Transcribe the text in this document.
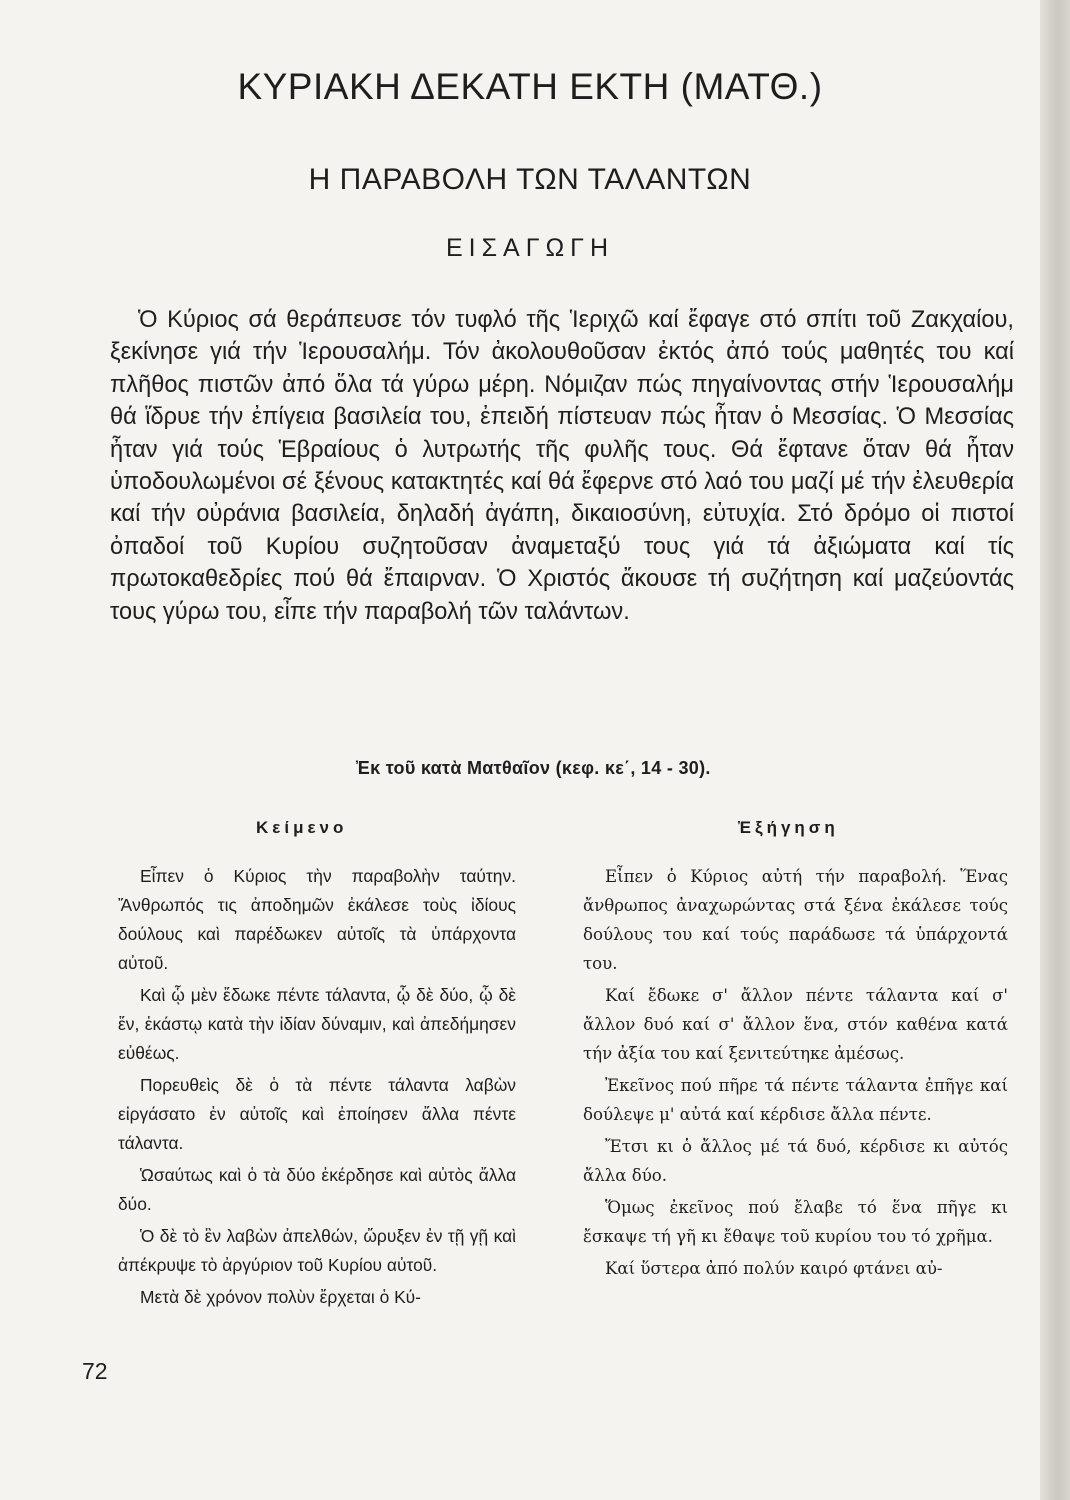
ΚΥΡΙΑΚΗ ΔΕΚΑΤΗ ΕΚΤΗ (ΜΑΤΘ.)
Η ΠΑΡΑΒΟΛΗ ΤΩΝ ΤΑΛΑΝΤΩΝ
ΕΙΣΑΓΩΓΗ

Ὁ Κύριος σά θεράπευσε τόν τυφλό τῆς Ἱεριχῶ καί ἔφαγε στό σπίτι τοῦ Ζακχαίου, ξεκίνησε γιά τήν Ἱερουσαλήμ. Τόν ἀκολουθοῦσαν ἐκτός ἀπό τούς μαθητές του καί πλῆθος πιστῶν ἀπό ὅλα τά γύρω μέρη. Νόμιζαν πώς πηγαίνοντας στήν Ἱερουσαλήμ θά ἵδρυε τήν ἐπίγεια βασιλεία του, ἐπειδή πίστευαν πώς ἦταν ὁ Μεσσίας. Ὁ Μεσσίας ἦταν γιά τούς Ἑβραίους ὁ λυτρωτής τῆς φυλῆς τους. Θά ἔφτανε ὅταν θά ἦταν ὑποδουλωμένοι σέ ξένους κατακτητές καί θά ἔφερνε στό λαό του μαζί μέ τήν ἐλευθερία καί τήν οὐράνια βασιλεία, δηλαδή ἀγάπη, δικαιοσύνη, εὐτυχία. Στό δρόμο οἱ πιστοί ὀπαδοί τοῦ Κυρίου συζητοῦσαν ἀναμεταξύ τους γιά τά ἀξιώματα καί τίς πρωτοκαθεδρίες πού θά ἔπαιρναν. Ὁ Χριστός ἄκουσε τή συζήτηση καί μαζεύοντάς τους γύρω του, εἶπε τήν παραβολή τῶν ταλάντων.

Ἐκ τοῦ κατὰ Ματθαῖον (κεφ. κε΄, 14 - 30).
Κείμενο	Ἐξήγηση

Εἶπεν ὁ Κύριος τὴν παραβολὴν ταύτην. Ἄνθρωπός τις ἀποδημῶν ἐκάλεσε τοὺς ἰδίους δούλους καὶ παρέδωκεν αὐτοῖς τὰ ὑπάρχοντα αὐτοῦ.

Καὶ ᾧ μὲν ἔδωκε πέντε τάλαντα, ᾧ δὲ δύο, ᾧ δὲ ἕν, ἑκάστῳ κατὰ τὴν ἰδίαν δύναμιν, καὶ ἀπεδήμησεν εὐθέως.

Πορευθεὶς δὲ ὁ τὰ πέντε τάλαντα λαβὼν εἰργάσατο ἐν αὐτοῖς καὶ ἐποίησεν ἄλλα πέντε τάλαντα.

Ὡσαύτως καὶ ὁ τὰ δύο ἐκέρδησε καὶ αὐτὸς ἄλλα δύο.

Ὁ δὲ τὸ ἓν λαβὼν ἀπελθών, ὤρυξεν ἐν τῇ γῇ καὶ ἀπέκρυψε τὸ ἀργύριον τοῦ Κυρίου αὐτοῦ.

Μετὰ δὲ χρόνον πολὺν ἔρχεται ὁ Κύ-

Εἶπεν ὁ Κύριος αὐτή τήν παραβολή. Ἕνας ἄνθρωπος ἀναχωρώντας στά ξένα ἐκάλεσε τούς δούλους του καί τούς παράδωσε τά ὑπάρχοντά του.

Καί ἔδωκε σ' ἄλλον πέντε τάλαντα καί σ' ἄλλον δυό καί σ' ἄλλον ἕνα, στόν καθένα κατά τήν ἀξία του καί ξενιτεύτηκε ἀμέσως.

Ἐκεῖνος πού πῆρε τά πέντε τάλαντα ἐπῆγε καί δούλεψε μ' αὐτά καί κέρδισε ἄλλα πέντε.

Ἔτσι κι ὁ ἄλλος μέ τά δυό, κέρδισε κι αὐτός ἄλλα δύο.

Ὅμως ἐκεῖνος πού ἔλαβε τό ἕνα πῆγε κι ἔσκαψε τή γῆ κι ἔθαψε τοῦ κυρίου του τό χρῆμα.

Καί ὕστερα ἀπό πολύν καιρό φτάνει αὐ-

72
